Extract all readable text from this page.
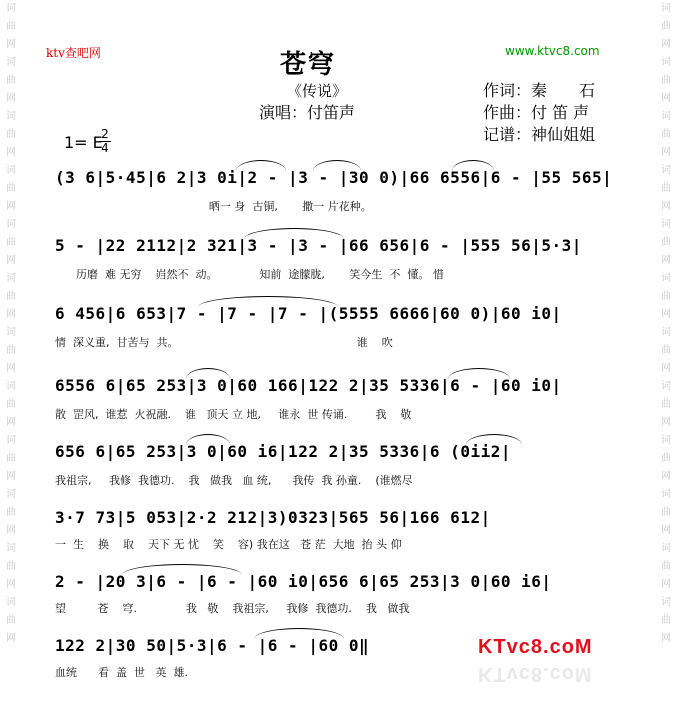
词曲网词曲网词曲网词曲网词曲网词曲网词曲网词曲网词曲网词曲网词曲网词曲网
词曲网词曲网词曲网词曲网词曲网词曲网词曲网词曲网词曲网词曲网词曲网词曲网
ktv查吧网	www.ktvc8.com
苍穹
《传说》
演唱：付笛声
作词：秦　　石
作曲：付 笛 声
记谱：神仙姐姐
1= E
2
4
(3 6|5·45|6 2|3 0i|2 - |3 - |30 0)|66 6556|6 - |55 565|
晒一 身  古铜,       撒一 片花种。
5 - |22 2112|2 321|3 - |3 - |66 656|6 - |555 56|5·3|
历磨  难 无穷    岿然不  动。            知前  途朦胧,       笑今生  不  懂。 惜
6 456|6 653|7 - |7 - |7 - |(5555 6666|60 0)|60 i0|
情  深义重,  甘苦与  共。                                                   谁    吹
6556 6|65 253|3 0|60 166|122 2|35 5336|6 - |60 i0|
散  罡风,  谁惹  火祝融.    谁   顶天 立 地,     谁永  世 传诵.        我    敬
656 6|65 253|3 0|60 i6|122 2|35 5336|6 (0ii2|
我祖宗,     我修  我德功.    我   做我   血 统,      我传  我 孙童.    (谁燃尽
3·7 73|5 053|2·2 212|3)0323|565 56|166 612|
一  生    换    取    天下 无 忧    笑    容) 我在这   苍 茫  大地  抬 头 仰
2 - |20 3|6 - |6 - |60 i0|656 6|65 253|3 0|60 i6|
望         苍    穹.              我   敬    我祖宗,     我修  我德功.    我   做我
122 2|30 50|5·3|6 - |6 - |60 0‖
血统      看  盖  世   英  雄.
KTvc8.coM
KTvc8.coM
